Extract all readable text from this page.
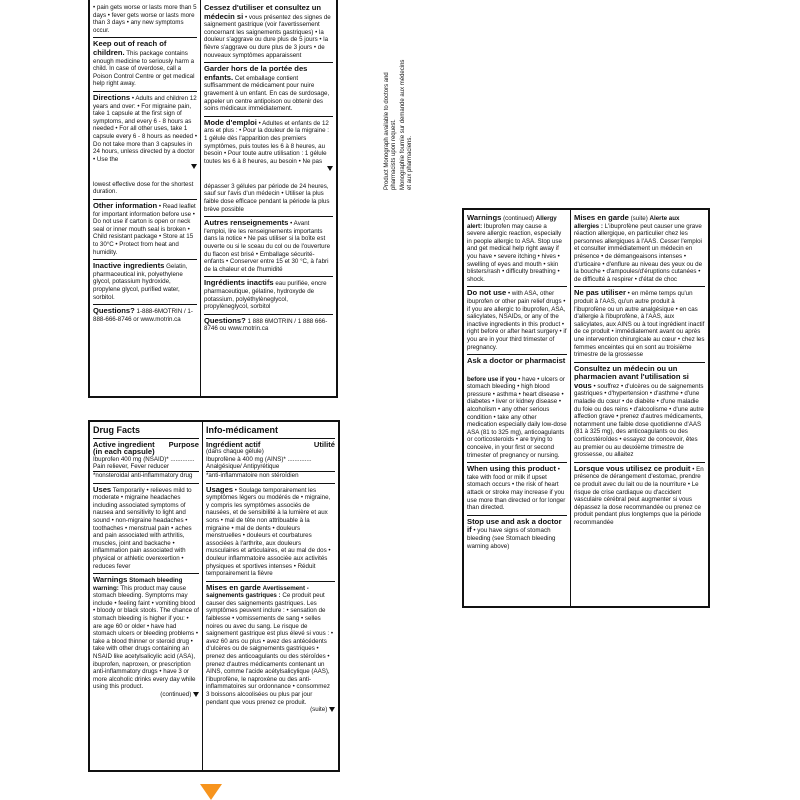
• pain gets worse or lasts more than 5 days • fever gets worse or lasts more than 3 days • any new symptoms occur.

Keep out of reach of children. This package contains enough medicine to seriously harm a child. In case of overdose, call a Poison Control Centre or get medical help right away.

Directions • Adults and children 12 years and over: • For migraine pain, take 1 capsule at the first sign of symptoms, and every 6 - 8 hours as needed • For all other uses, take 1 capsule every 6 - 8 hours as needed • Do not take more than 3 capsules in 24 hours, unless directed by a doctor • Use the

lowest effective dose for the shortest duration.

Other information • Read leaflet for important information before use • Do not use if carton is open or neck seal or inner mouth seal is broken • Child resistant package • Store at 15 to 30°C • Protect from heat and humidity.

Inactive ingredients Gelatin, pharmaceutical ink, polyethylene glycol, potassium hydroxide, propylene glycol, purified water, sorbitol.

Questions? 1-888-6MOTRIN / 1-888-666-8746 or www.motrin.ca

Cessez d'utiliser et consultez un médecin si • vous présentez des signes de saignement gastrique (voir l'avertissement concernant les saignements gastriques) • la douleur s'aggrave ou dure plus de 5 jours • la fièvre s'aggrave ou dure plus de 3 jours • de nouveaux symptômes apparaissent

Garder hors de la portée des enfants. Cet emballage contient suffisamment de médicament pour nuire gravement à un enfant. En cas de surdosage, appeler un centre antipoison ou obtenir des soins médicaux immédiatement.

Mode d'emploi • Adultes et enfants de 12 ans et plus : • Pour la douleur de la migraine : 1 gélule dès l'apparition des premiers symptômes, puis toutes les 6 à 8 heures, au besoin • Pour toute autre utilisation : 1 gélule toutes les 6 à 8 heures, au besoin • Ne pas

dépasser 3 gélules par période de 24 heures, sauf sur l'avis d'un médecin • Utiliser la plus faible dose efficace pendant la période la plus brève possible

Autres renseignements • Avant l'emploi, lire les renseignements importants dans la notice • Ne pas utiliser si la boîte est ouverte ou si le sceau du col ou de l'ouverture du flacon est brisé • Emballage sécurité-enfants • Conserver entre 15 et 30 °C, à l'abri de la chaleur et de l'humidité

Ingrédients inactifs eau purifiée, encre pharmaceutique, gélatine, hydroxyde de potassium, polyéthylèneglycol, propylèneglycol, sorbitol

Questions? 1 888 6MOTRIN / 1 888 666-8746 ou www.motrin.ca

Product Monograph available to doctors and pharmacists upon request. Monographie fournie sur demande aux médecins et aux pharmaciens.
Drug Facts
Active ingredient Purpose

(in each capsule)

Ibuprofen 400 mg (NSAID)* .............. Pain reliever, Fever reducer

*nonsteroidal anti-inflammatory drug

Uses Temporarily • relieves mild to moderate • migraine headaches including associated symptoms of nausea and sensitivity to light and sound • non-migraine headaches • toothaches • menstrual pain • aches and pain associated with arthritis, muscles, joint and backache • inflammation pain associated with physical or athletic overexertion • reduces fever

Warnings Stomach bleeding warning: This product may cause stomach bleeding. Symptoms may include • feeling faint • vomiting blood • bloody or black stools. The chance of stomach bleeding is higher if you: • are age 60 or older • have had stomach ulcers or bleeding problems • take a blood thinner or steroid drug • take with other drugs containing an NSAID like acetylsalicylic acid (ASA), ibuprofen, naproxen, or prescription anti-inflammatory drugs • have 3 or more alcoholic drinks every day while using this product.

(continued)

Info-médicament
Ingrédient actif	Utilité

(dans chaque gélule)

Ibuprofène à 400 mg (AINS)* .............. Analgésique/ Antipyrétique

*anti-inflammatoire non stéroïdien

Usages • Soulage temporairement les symptômes légers ou modérés de • migraine, y compris les symptômes associés de nausées, et de sensibilité à la lumière et aux sons • mal de tête non attribuable à la migraine • mal de dents • douleurs menstruelles • douleurs et courbatures associées à l'arthrite, aux douleurs musculaires et articulaires, et au mal de dos • douleur inflammatoire associée aux activités physiques et sportives intenses • Réduit temporairement la fièvre

Mises en garde Avertissement - saignements gastriques : Ce produit peut causer des saignements gastriques. Les symptômes peuvent inclure : • sensation de faiblesse • vomissements de sang • selles noires ou avec du sang. Le risque de saignement gastrique est plus élevé si vous : • avez 60 ans ou plus • avez des antécédents d'ulcères ou de saignements gastriques • prenez des anticoagulants ou des stéroïdes • prenez d'autres médicaments contenant un AINS, comme l'acide acétylsalicylique (AAS), l'ibuprofène, le naproxène ou des anti-inflammatoires sur ordonnance • consommez 3 boissons alcoolisées ou plus par jour pendant que vous prenez ce produit.

(suite)

Warnings (continued) Allergy alert: Ibuprofen may cause a severe allergic reaction, especially in people allergic to ASA. Stop use and get medical help right away if you have • severe itching • hives • swelling of eyes and mouth • skin blisters/rash • difficulty breathing • shock.

Do not use • with ASA, other ibuprofen or other pain relief drugs • if you are allergic to ibuprofen, ASA, salicylates, NSAIDs, or any of the inactive ingredients in this product • right before or after heart surgery • if you are in your third trimester of pregnancy.

Ask a doctor or pharmacist

before use if you • have • ulcers or stomach bleeding • high blood pressure • asthma • heart disease • diabetes • liver or kidney disease • alcoholism • any other serious condition • take any other medication especially daily low-dose ASA (81 to 325 mg), anticoagulants or corticosteroids • are trying to conceive, in your first or second trimester of pregnancy or nursing.

When using this product • take with food or milk if upset stomach occurs • the risk of heart attack or stroke may increase if you use more than directed or for longer than directed.

Stop use and ask a doctor if • you have signs of stomach bleeding (see Stomach bleeding warning above)

Mises en garde (suite) Alerte aux allergies : L'ibuprofène peut causer une grave réaction allergique, en particulier chez les personnes allergiques à l'AAS. Cesser l'emploi et consulter immédiatement un médecin en présence • de démangeaisons intenses • d'urticaire • d'enflure au niveau des yeux ou de la bouche • d'ampoules/d'éruptions cutanées • de difficulté à respirer • d'état de choc

Ne pas utiliser • en même temps qu'un produit à l'AAS, qu'un autre produit à l'ibuprofène ou un autre analgésique • en cas d'allergie à l'ibuprofène, à l'AAS, aux salicylates, aux AINS ou à tout ingrédient inactif de ce produit • immédiatement avant ou après une intervention chirurgicale au cœur • chez les femmes enceintes qui en sont au troisième trimestre de la grossesse

Consultez un médecin ou un pharmacien avant l'utilisation si vous • souffrez • d'ulcères ou de saignements gastriques • d'hypertension • d'asthme • d'une maladie du cœur • de diabète • d'une maladie du foie ou des reins • d'alcoolisme • d'une autre affection grave • prenez d'autres médicaments, notamment une faible dose quotidienne d'AAS (81 à 325 mg), des anticoagulants ou des corticostéroïdes • essayez de concevoir, êtes au premier ou au deuxième trimestre de grossesse, ou allaitez

Lorsque vous utilisez ce produit • En présence de dérangement d'estomac, prendre ce produit avec du lait ou de la nourriture • Le risque de crise cardiaque ou d'accident vasculaire cérébral peut augmenter si vous dépassez la dose recommandée ou prenez ce produit pendant plus longtemps que la période recommandée
